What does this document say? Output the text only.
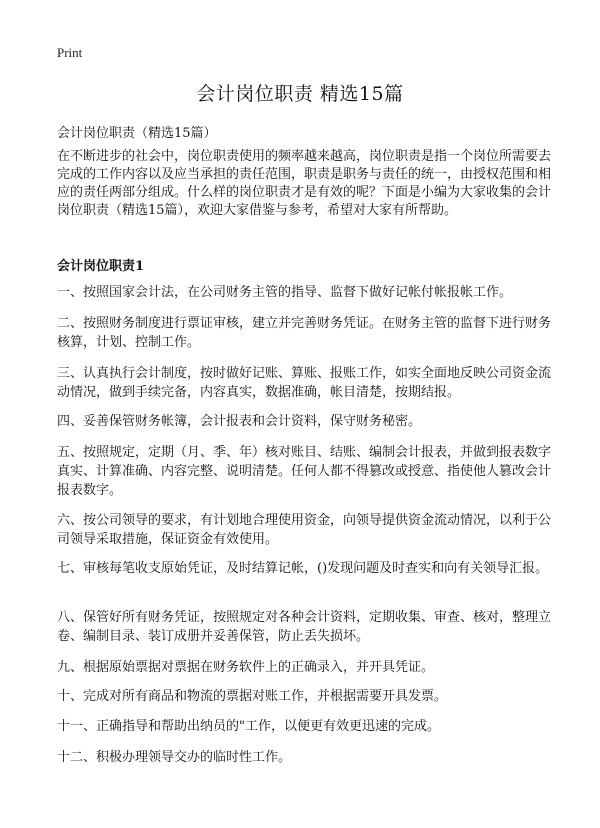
Print
会计岗位职责 精选15篇
会计岗位职责（精选15篇）

在不断进步的社会中，岗位职责使用的频率越来越高，岗位职责是指一个岗位所需要去完成的工作内容以及应当承担的责任范围，职责是职务与责任的统一，由授权范围和相应的责任两部分组成。什么样的岗位职责才是有效的呢？下面是小编为大家收集的会计岗位职责（精选15篇），欢迎大家借鉴与参考，希望对大家有所帮助。

会计岗位职责1

一、按照国家会计法，在公司财务主管的指导、监督下做好记帐付帐报帐工作。

二、按照财务制度进行票证审核，建立并完善财务凭证。在财务主管的监督下进行财务核算，计划、控制工作。

三、认真执行会计制度，按时做好记账、算账、报账工作，如实全面地反映公司资金流动情况，做到手续完备，内容真实，数据准确，帐目清楚，按期结报。

四、妥善保管财务帐簿，会计报表和会计资料，保守财务秘密。

五、按照规定，定期（月、季、年）核对账目、结账、编制会计报表，并做到报表数字真实、计算准确、内容完整、说明清楚。任何人都不得篡改或授意、指使他人篡改会计报表数字。

六、按公司领导的要求，有计划地合理使用资金，向领导提供资金流动情况，以利于公司领导采取措施，保证资金有效使用。

七、审核每笔收支原始凭证，及时结算记帐，()发现问题及时查实和向有关领导汇报。

八、保管好所有财务凭证，按照规定对各种会计资料，定期收集、审查、核对，整理立卷、编制目录、装订成册并妥善保管，防止丢失损坏。

九、根据原始票据对票据在财务软件上的正确录入，并开具凭证。

十、完成对所有商品和物流的票据对账工作，并根据需要开具发票。

十一、正确指导和帮助出纳员的"工作，以便更有效更迅速的完成。

十二、积极办理领导交办的临时性工作。
